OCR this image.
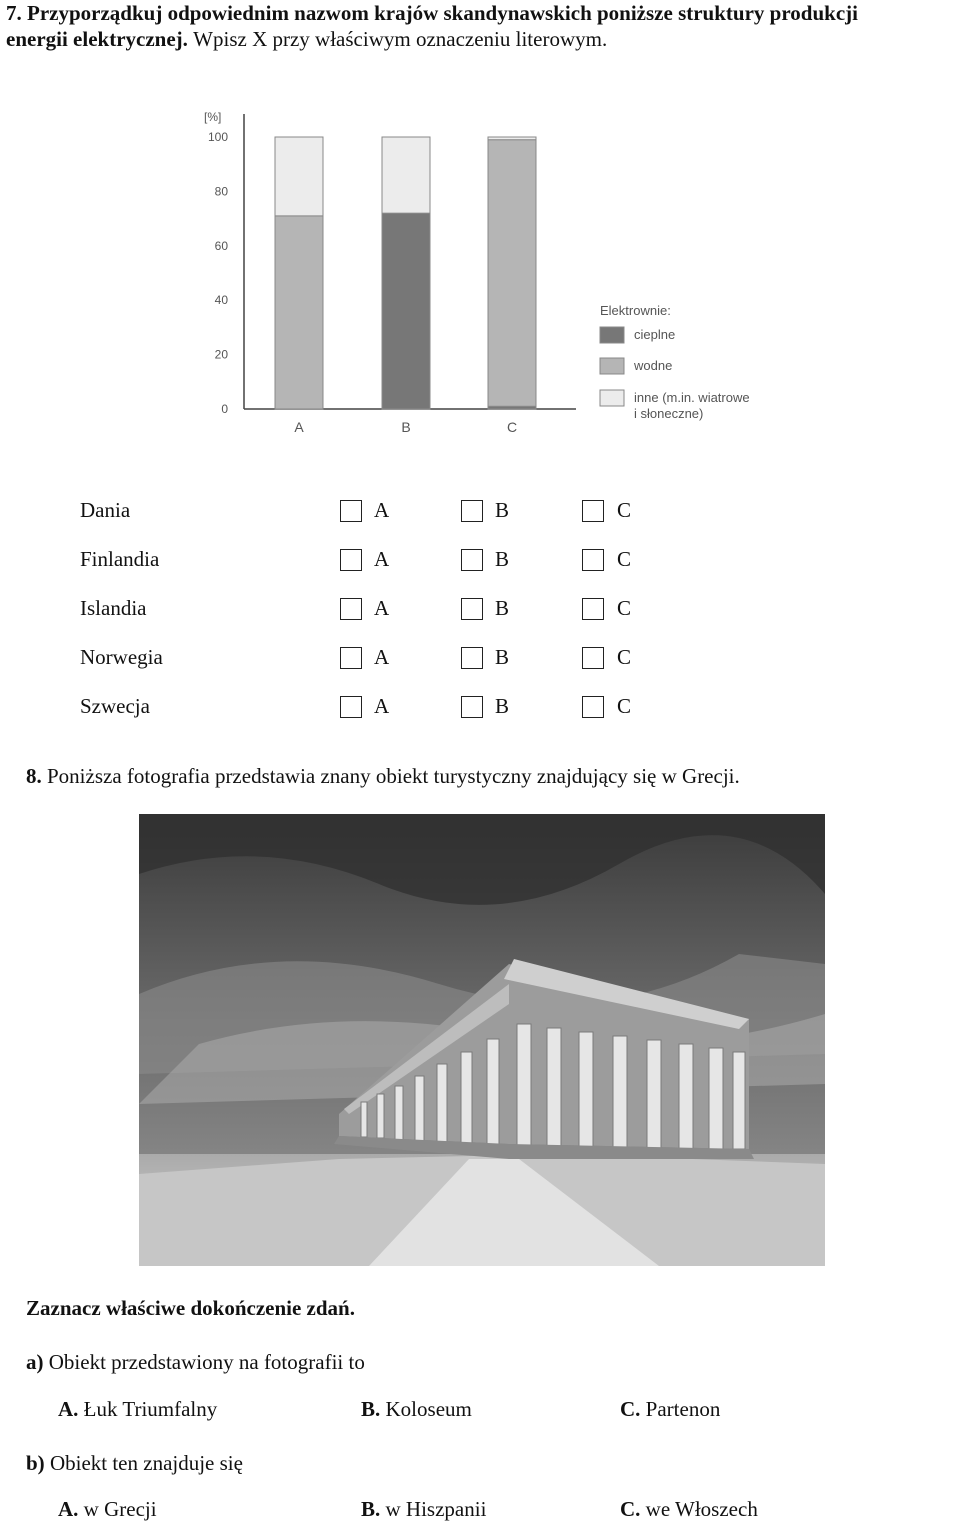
7. Przyporządkuj odpowiednim nazwom krajów skandynawskich poniższe struktury produkcji
energii elektrycznej. Wpisz X przy właściwym oznaczeniu literowym.
[%]
100
80
60
40
20
0
A	B	C
Elektrownie:
cieplne
wodne
inne (m.in. wiatrowe
i słoneczne)
Dania	A	B	C
Finlandia	A	B	C
Islandia	A	B	C
Norwegia	A	B	C
Szwecja	A	B	C
8. Poniższa fotografia przedstawia znany obiekt turystyczny znajdujący się w Grecji.
Zaznacz właściwe dokończenie zdań.
a) Obiekt przedstawiony na fotografii to
A. Łuk Triumfalny	B. Koloseum	C. Partenon
b) Obiekt ten znajduje się
A. w Grecji	B. w Hiszpanii	C. we Włoszech
